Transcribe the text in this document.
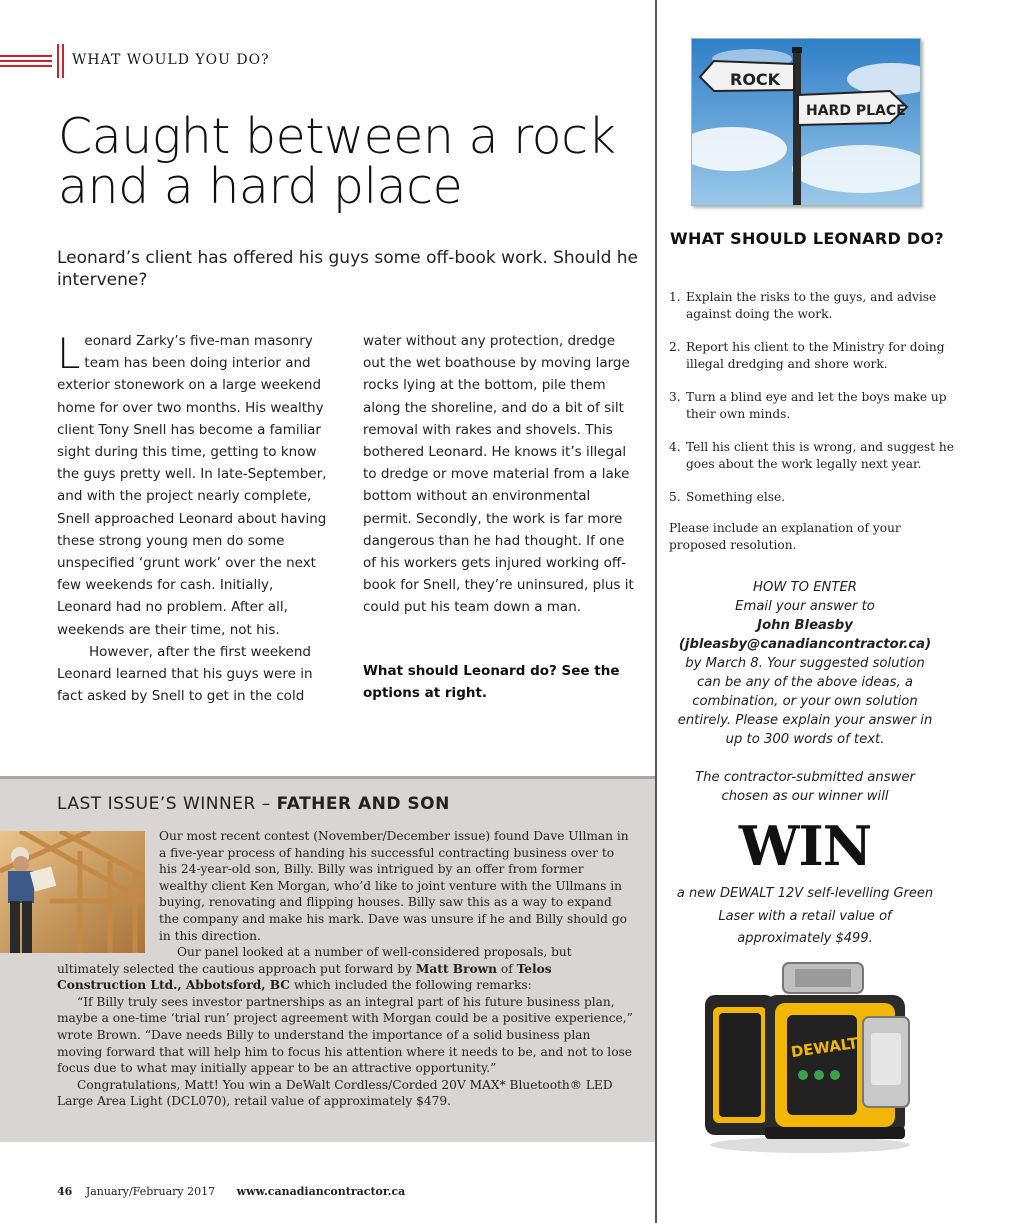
WHAT WOULD YOU DO?
Caught between a rock and a hard place
Leonard’s client has offered his guys some off-book work. Should he intervene?

Leonard Zarky’s five-man masonry team has been doing interior and exterior stonework on a large weekend home for over two months. His wealthy client Tony Snell has become a familiar sight during this time, getting to know the guys pretty well. In late-September, and with the project nearly complete, Snell approached Leonard about having these strong young men do some unspecified ‘grunt work’ over the next few weekends for cash. Initially, Leonard had no problem. After all, weekends are their time, not his.

However, after the first weekend Leonard learned that his guys were in fact asked by Snell to get in the cold

water without any protection, dredge out the wet boathouse by moving large rocks lying at the bottom, pile them along the shoreline, and do a bit of silt removal with rakes and shovels. This bothered Leonard. He knows it’s illegal to dredge or move material from a lake bottom without an environmental permit. Secondly, the work is far more dangerous than he had thought. If one of his workers gets injured working off-book for Snell, they’re uninsured, plus it could put his team down a man.

What should Leonard do? See the options at right.
LAST ISSUE’S WINNER – FATHER AND SON
Our most recent contest (November/December issue) found Dave Ullman in a five-year process of handing his successful contracting business over to his 24-year-old son, Billy. Billy was intrigued by an offer from former wealthy client Ken Morgan, who’d like to joint venture with the Ullmans in buying, renovating and flipping houses. Billy saw this as a way to expand the company and make his mark. Dave was unsure if he and Billy should go in this direction.

Our panel looked at a number of well-considered proposals, but ultimately selected the cautious approach put forward by Matt Brown of Telos Construction Ltd., Abbotsford, BC which included the following remarks:

“If Billy truly sees investor partnerships as an integral part of his future business plan, maybe a one-time ‘trial run’ project agreement with Morgan could be a positive experience,” wrote Brown. “Dave needs Billy to understand the importance of a solid business plan moving forward that will help him to focus his attention where it needs to be, and not to lose focus due to what may initially appear to be an attractive opportunity.”

Congratulations, Matt! You win a DeWalt Cordless/Corded 20V MAX* Bluetooth® LED Large Area Light (DCL070), retail value of approximately $479.

46 January/February 2017 www.canadiancontractor.ca
ROCK
HARD PLACE
WHAT SHOULD LEONARD DO?
1. Explain the risks to the guys, and advise against doing the work.
2. Report his client to the Ministry for doing illegal dredging and shore work.
3. Turn a blind eye and let the boys make up their own minds.
4. Tell his client this is wrong, and suggest he goes about the work legally next year.
5. Something else.
Please include an explanation of your proposed resolution.
HOW TO ENTER
Email your answer to
John Bleasby
(jbleasby@canadiancontractor.ca)
by March 8. Your suggested solution can be any of the above ideas, a combination, or your own solution entirely. Please explain your answer in up to 300 words of text.
The contractor-submitted answer chosen as our winner will
WIN
a new DEWALT 12V self-levelling Green Laser with a retail value of approximately $499.
DEWALT
